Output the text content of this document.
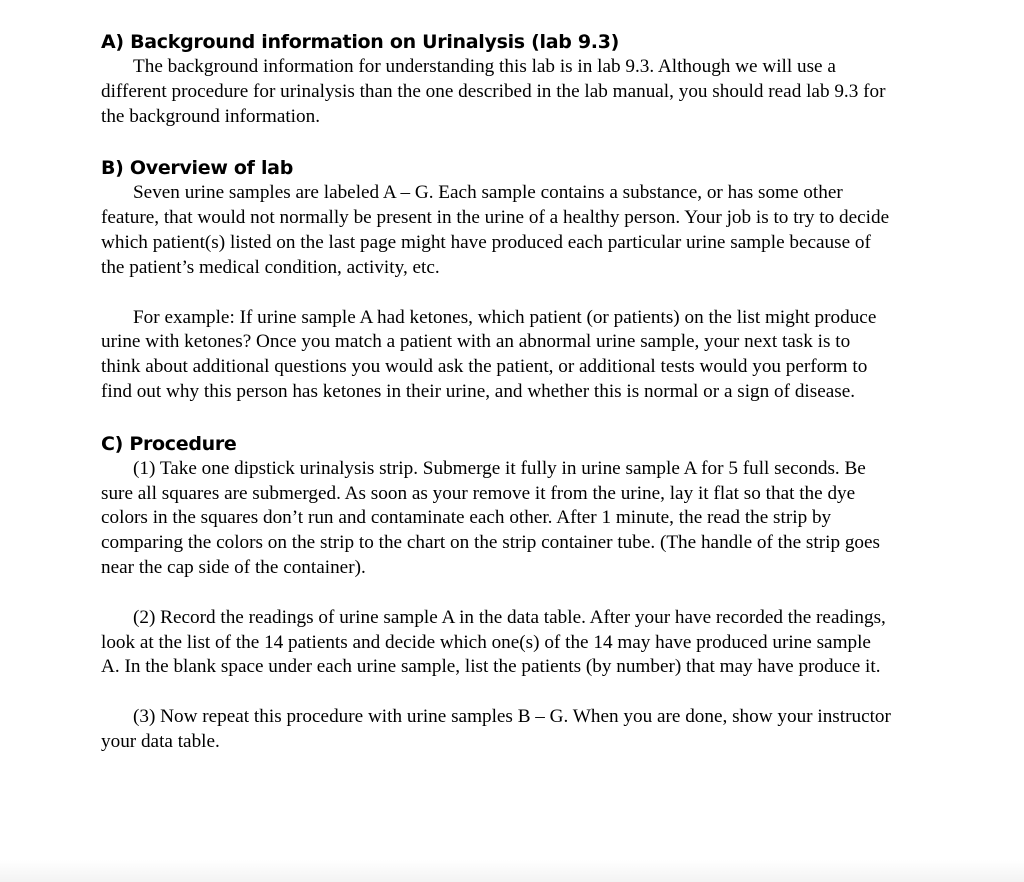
A) Background information on Urinalysis (lab 9.3)

The background information for understanding this lab is in lab 9.3. Although we will use a different procedure for urinalysis than the one described in the lab manual, you should read lab 9.3 for the background information.

B) Overview of lab

Seven urine samples are labeled A – G. Each sample contains a substance, or has some other feature, that would not normally be present in the urine of a healthy person. Your job is to try to decide which patient(s) listed on the last page might have produced each particular urine sample because of the patient’s medical condition, activity, etc.

For example: If urine sample A had ketones, which patient (or patients) on the list might produce urine with ketones? Once you match a patient with an abnormal urine sample, your next task is to think about additional questions you would ask the patient, or additional tests would you perform to find out why this person has ketones in their urine, and whether this is normal or a sign of disease.

C) Procedure

(1) Take one dipstick urinalysis strip. Submerge it fully in urine sample A for 5 full seconds. Be sure all squares are submerged. As soon as your remove it from the urine, lay it flat so that the dye colors in the squares don’t run and contaminate each other. After 1 minute, the read the strip by comparing the colors on the strip to the chart on the strip container tube. (The handle of the strip goes near the cap side of the container).

(2) Record the readings of urine sample A in the data table. After your have recorded the readings, look at the list of the 14 patients and decide which one(s) of the 14 may have produced urine sample A. In the blank space under each urine sample, list the patients (by number) that may have produce it.

(3) Now repeat this procedure with urine samples B – G. When you are done, show your instructor your data table.
